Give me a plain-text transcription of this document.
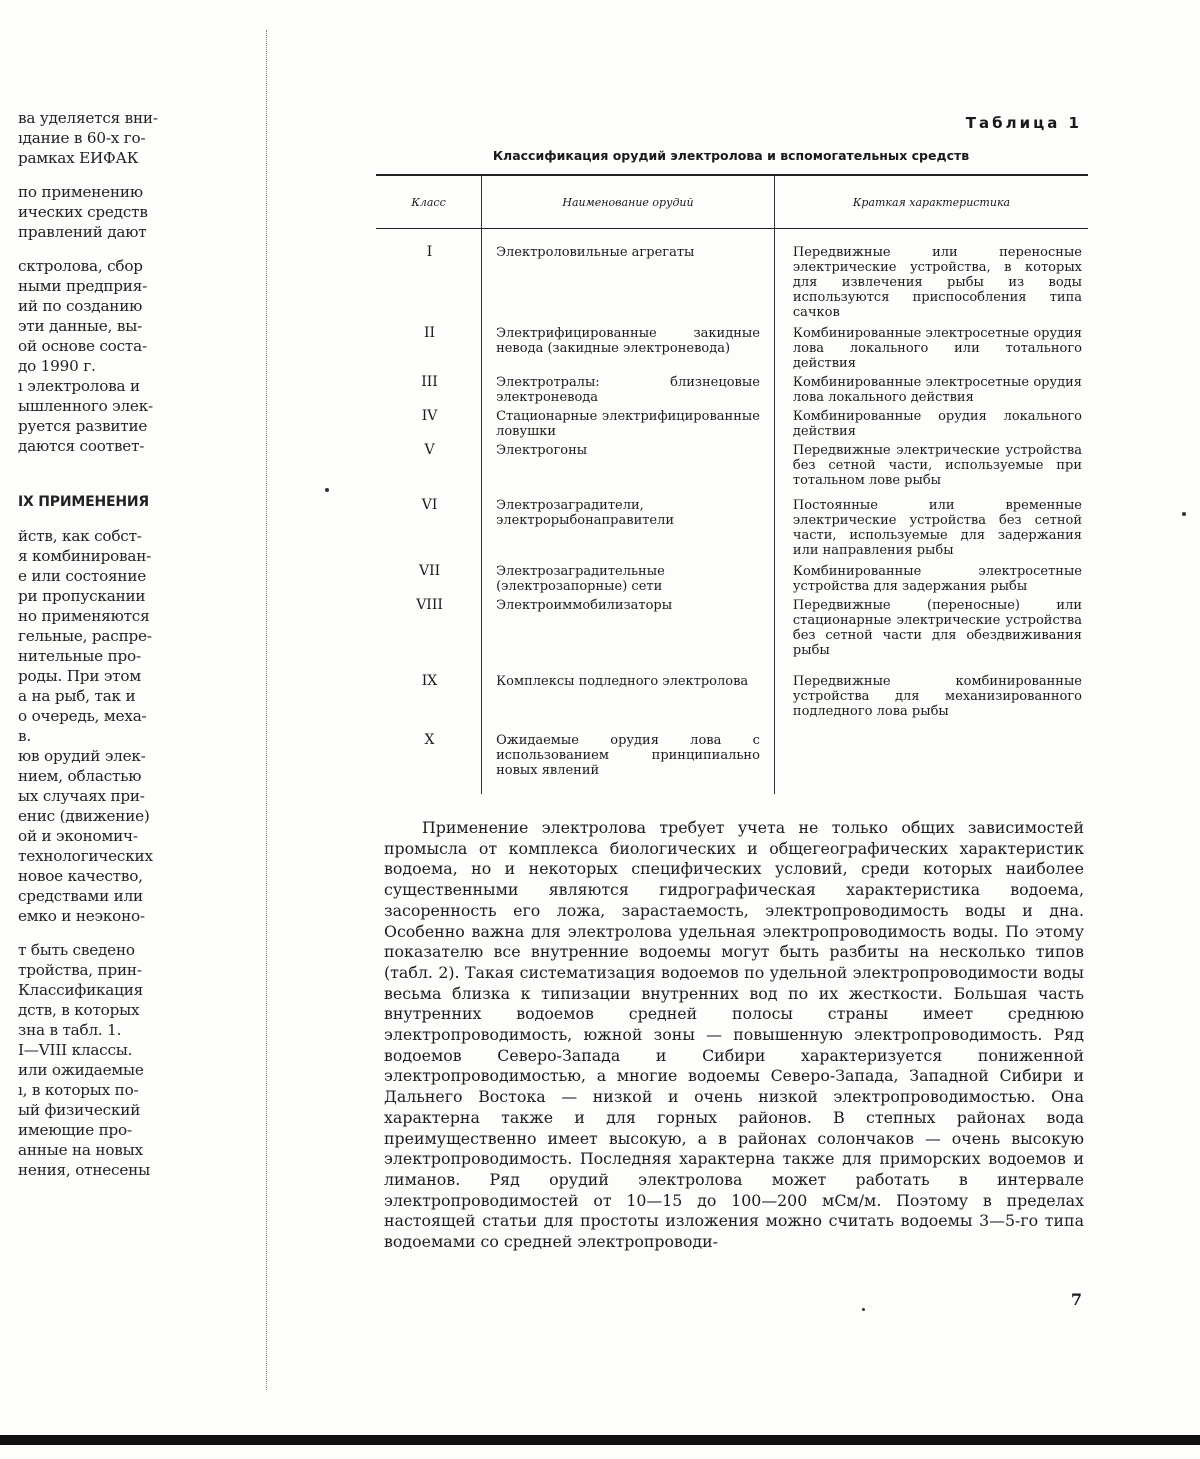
ва уделяется вни-
ıдание в 60-х го-
рамках ЕИФАК
по применению
ических средств
правлений дают
сктролова, сбор
ными предприя-
ий по созданию
эти данные, вы-
ой основе соста-
до 1990 г.
ı электролова и
ышленного элек-
руется развитие
даются соответ-
ІХ ПРИМЕНЕНИЯ
йств, как собст-
я комбинирован-
е или состояние
ри пропускании
но применяются
гельные, распре-
нительные про-
роды. При этом
а на рыб, так и
о очередь, меха-
в.
юв орудий элек-
нием, областью
ых случаях при-
енис (движение)
ой и экономич-
технологических
новое качество,
средствами или
емко и неэконо-
т быть сведено
тройства, прин-
Классификация
дств, в которых
зна в табл. 1.
I—VIII классы.
или ожидаемые
ı, в которых по-
ый физический
имеющие про-
анные на новых
нения, отнесены
Таблица 1
Классификация орудий электролова и вспомогательных средств
Класс	Наименование орудий	Краткая характеристика
I	Электроловильные агрегаты	Передвижные или переносные электрические устройства, в которых для извлечения рыбы из воды используются приспособления типа сачков
II	Электрифицированные закидные невода (закидные электроневода)	Комбинированные электросетные орудия лова локального или тотального действия
III	Электротралы: близнецовые электроневода	Комбинированные электросетные орудия лова локального действия
IV	Стационарные электрифицированные ловушки	Комбинированные орудия локального действия
V	Электрогоны	Передвижные электрические устройства без сетной части, используемые при тотальном лове рыбы
VI	Электрозаградители, электрорыбонаправители	Постоянные или временные электрические устройства без сетной части, используемые для задержания или направления рыбы
VII	Электрозаградительные (электрозапорные) сети	Комбинированные электросетные устройства для задержания рыбы
VIII	Электроиммобилизаторы	Передвижные (переносные) или стационарные электрические устройства без сетной части для обездвиживания рыбы
IX	Комплексы подледного электролова	Передвижные комбинированные устройства для механизированного подледного лова рыбы
X	Ожидаемые орудия лова с использованием принципиально новых явлений	

Применение электролова требует учета не только общих зависимостей промысла от комплекса биологических и общегеографических характеристик водоема, но и некоторых специфических условий, среди которых наиболее существенными являются гидрографическая характеристика водоема, засоренность его ложа, зарастаемость, электропроводимость воды и дна. Особенно важна для электролова удельная электропроводимость воды. По этому показателю все внутренние водоемы могут быть разбиты на несколько типов (табл. 2). Такая систематизация водоемов по удельной электропроводимости воды весьма близка к типизации внутренних вод по их жесткости. Большая часть внутренних водоемов средней полосы страны имеет среднюю электропроводимость, южной зоны — повышенную электропроводимость. Ряд водоемов Северо-Запада и Сибири характеризуется пониженной электропроводимостью, а многие водоемы Северо-Запада, Западной Сибири и Дальнего Востока — низкой и очень низкой электропроводимостью. Она характерна также и для горных районов. В степных районах вода преимущественно имеет высокую, а в районах солончаков — очень высокую электропроводимость. Последняя характерна также для приморских водоемов и лиманов. Ряд орудий электролова может работать в интервале электропроводимостей от 10—15 до 100—200 мСм/м. Поэтому в пределах настоящей статьи для простоты изложения можно считать водоемы 3—5-го типа водоемами со средней электропроводи-

7
